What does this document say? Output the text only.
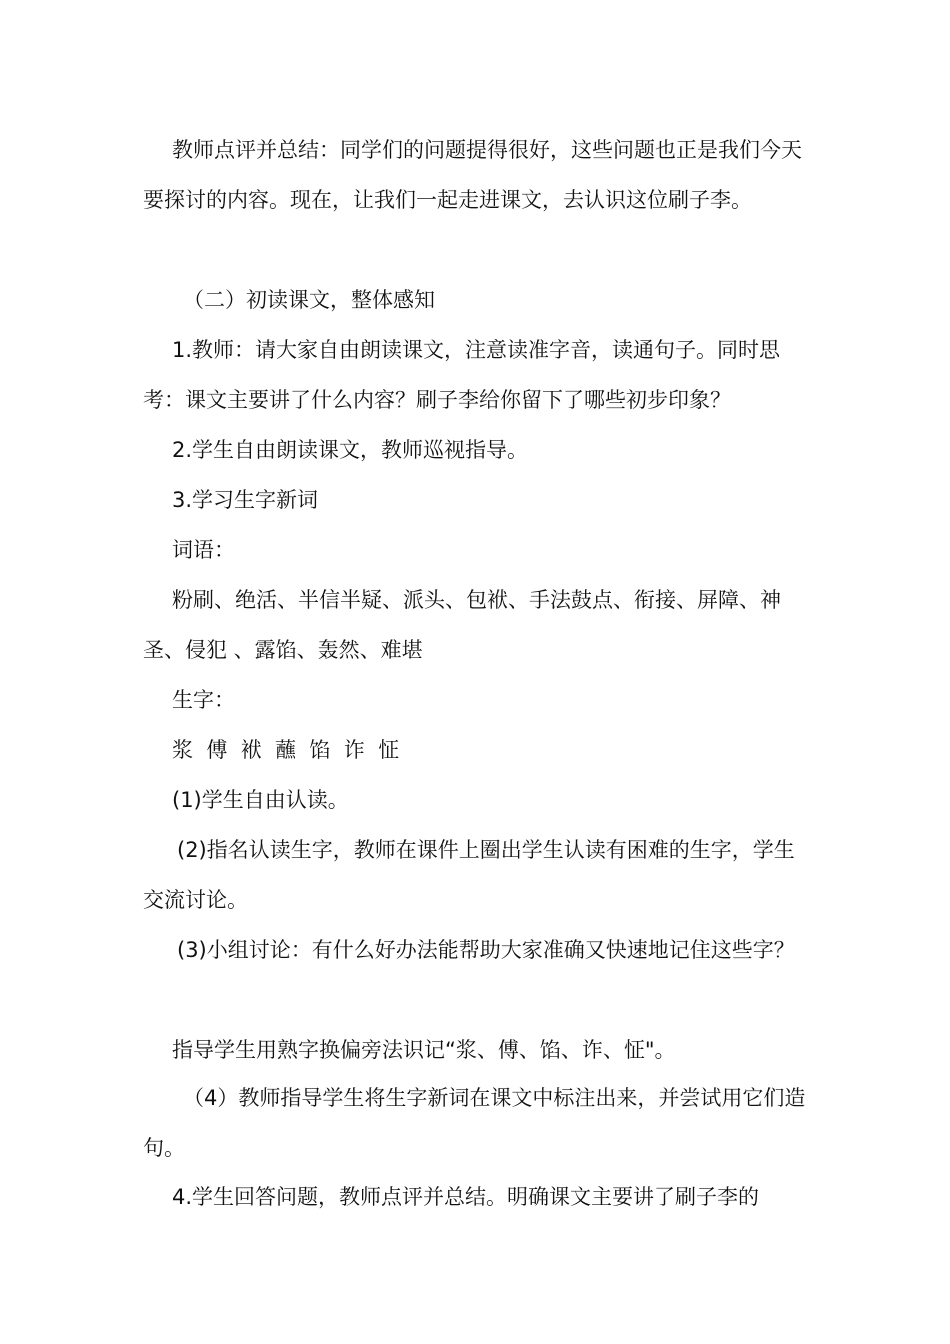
教师点评并总结：同学们的问题提得很好，这些问题也正是我们今天要探讨的内容。现在，让我们一起走进课文，去认识这位刷子李。

（二）初读课文，整体感知

1.教师：请大家自由朗读课文，注意读准字音，读通句子。同时思考：课文主要讲了什么内容？刷子李给你留下了哪些初步印象？

2.学生自由朗读课文，教师巡视指导。

3.学习生字新词

词语：

粉刷、绝活、半信半疑、派头、包袱、手法鼓点、衔接、屏障、神圣、侵犯 、露馅、轰然、难堪

生字：

浆  傅  袱  蘸  馅  诈  怔

(1)学生自由认读。

(2)指名认读生字，教师在课件上圈出学生认读有困难的生字，学生交流讨论。

(3)小组讨论：有什么好办法能帮助大家准确又快速地记住这些字？

指导学生用熟字换偏旁法识记“浆、傅、馅、诈、怔"。

（4）教师指导学生将生字新词在课文中标注出来，并尝试用它们造句。

4.学生回答问题，教师点评并总结。明确课文主要讲了刷子李的
